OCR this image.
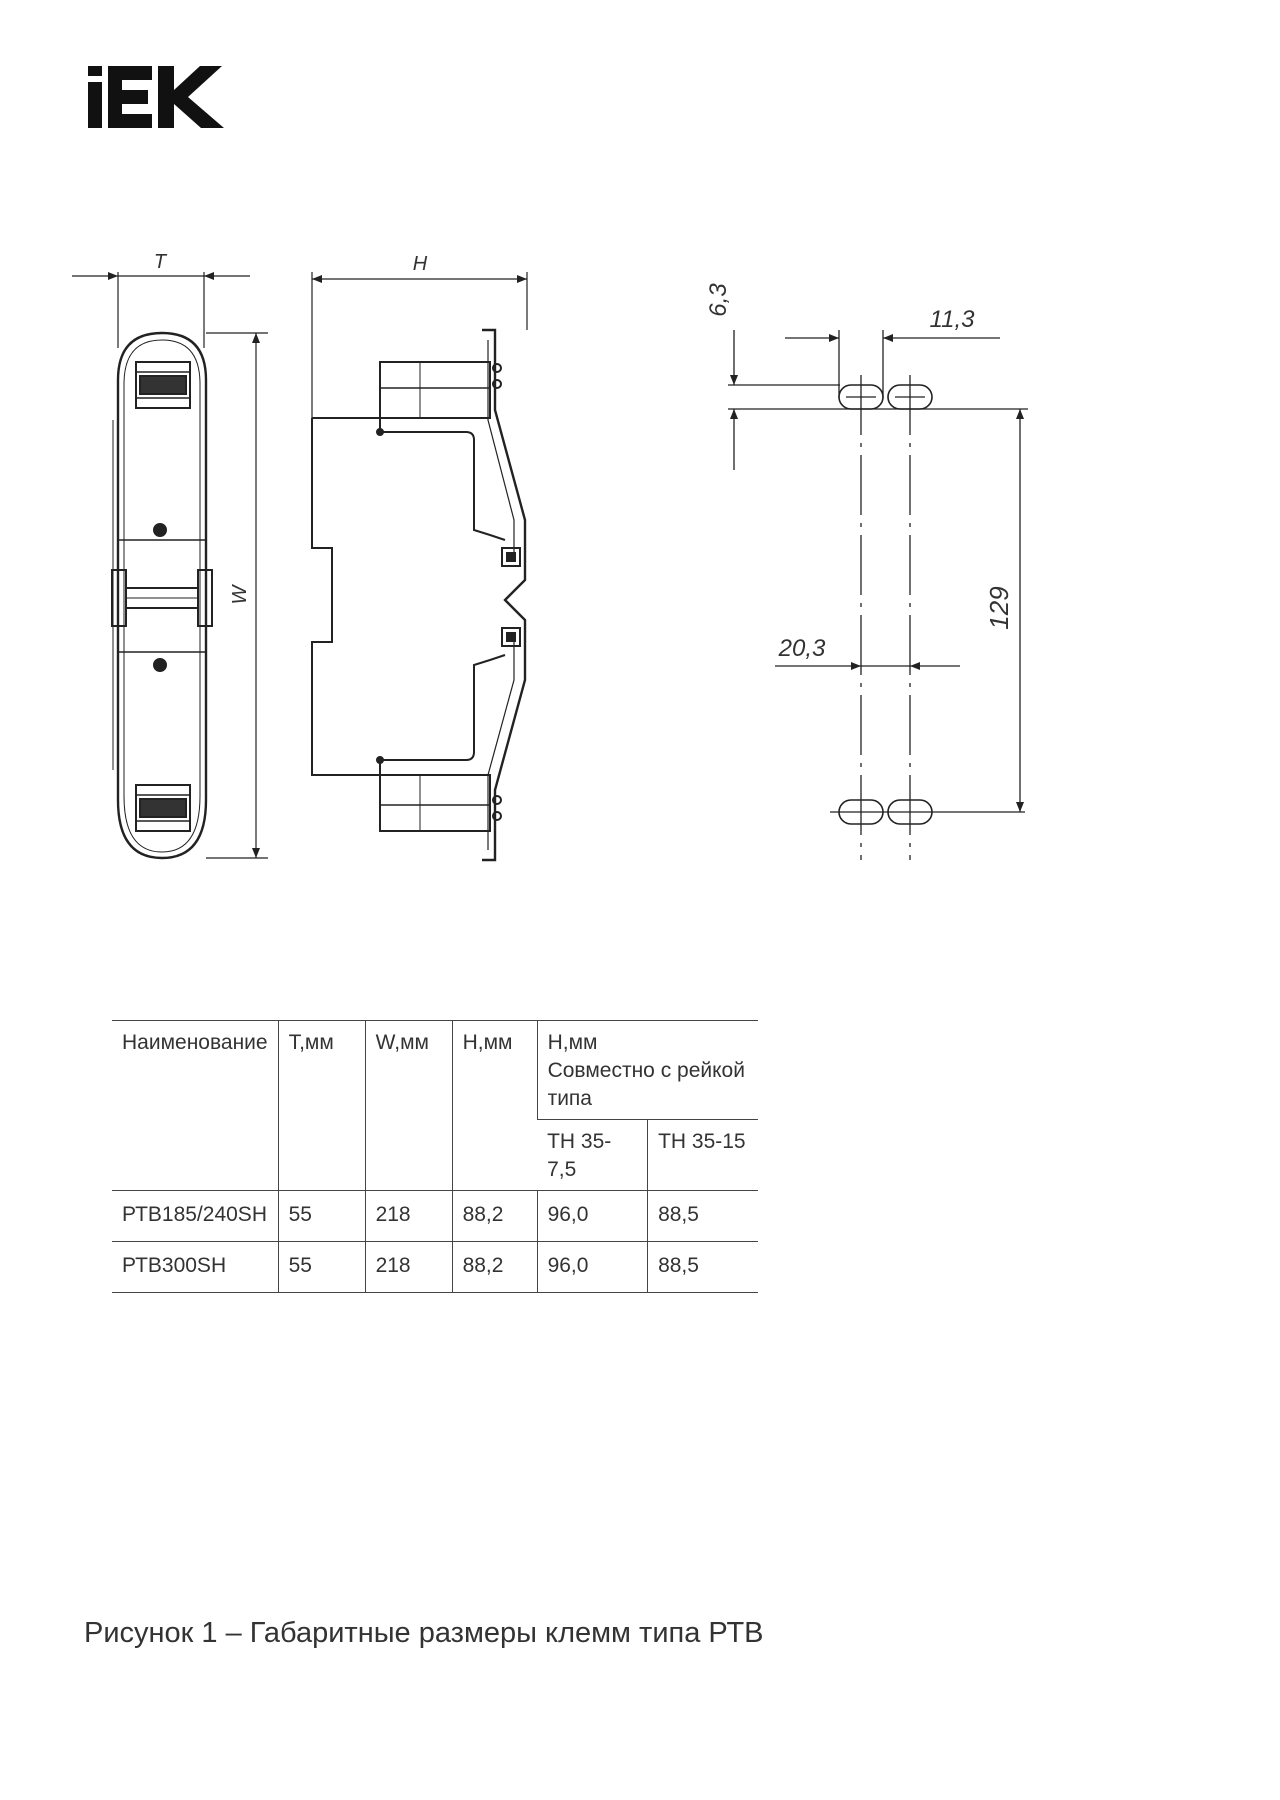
T
W
H
6,3
11,3
129
20,3
Наименование	T,мм	W,мм	H,мм	H,мм
Совместно с рейкой типа	

				ТН 35-7,5	ТН 35-15
РТВ185/240SH	55	218	88,2	96,0	88,5
РТВ300SH	55	218	88,2	96,0	88,5
Рисунок 1 – Габаритные размеры клемм типа РТВ
